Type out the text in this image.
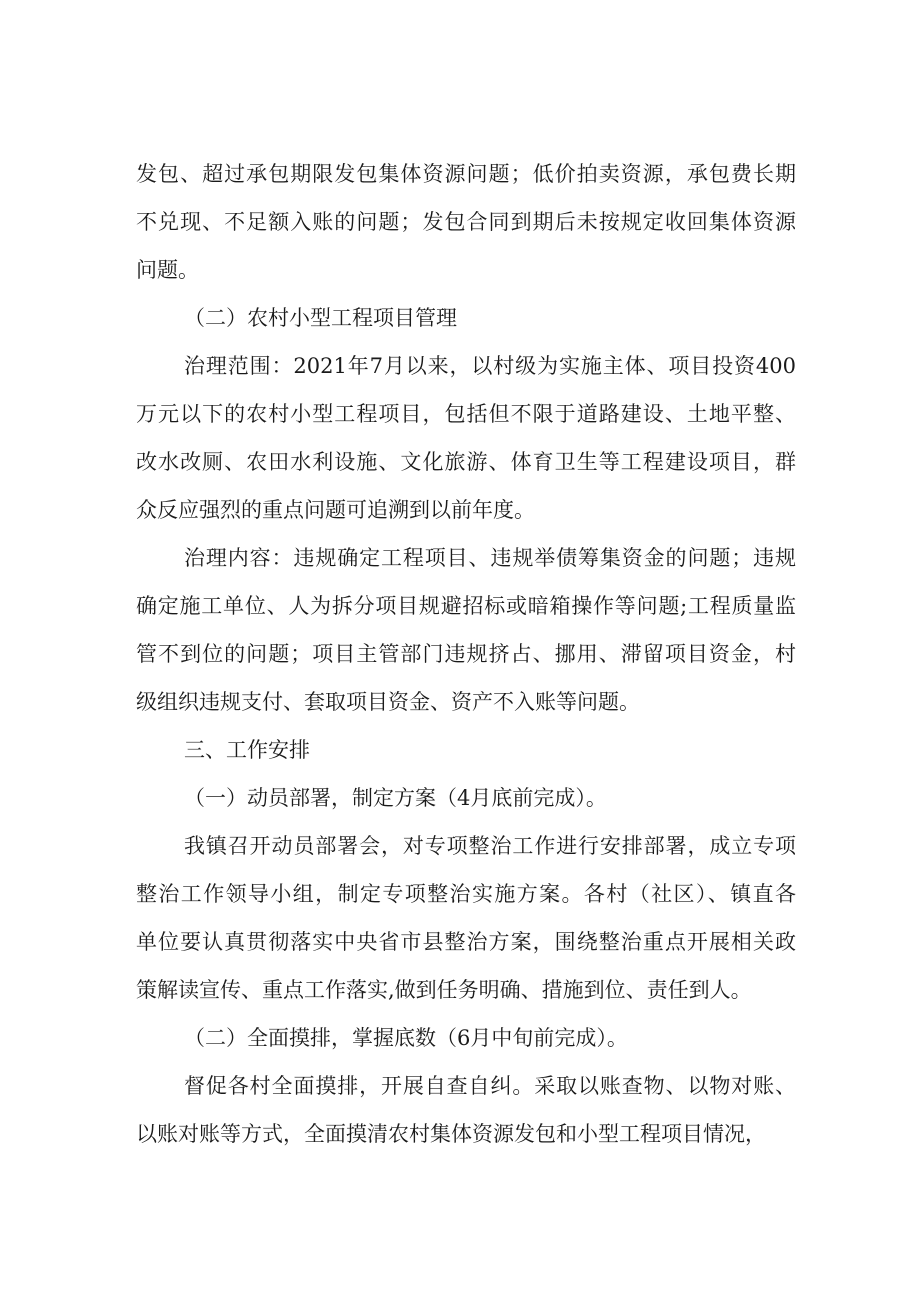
发包、超过承包期限发包集体资源问题；低价拍卖资源，承包费长期
不兑现、不足额入账的问题；发包合同到期后未按规定收回集体资源
问题。
（二）农村小型工程项目管理
治理范围：2021年7月以来，以村级为实施主体、项目投资400
万元以下的农村小型工程项目，包括但不限于道路建设、土地平整、
改水改厕、农田水利设施、文化旅游、体育卫生等工程建设项目，群
众反应强烈的重点问题可追溯到以前年度。
治理内容：违规确定工程项目、违规举债筹集资金的问题；违规
确定施工单位、人为拆分项目规避招标或暗箱操作等问题;工程质量监
管不到位的问题；项目主管部门违规挤占、挪用、滞留项目资金，村
级组织违规支付、套取项目资金、资产不入账等问题。
三、工作安排
（一）动员部署，制定方案（4月底前完成）。
我镇召开动员部署会，对专项整治工作进行安排部署，成立专项
整治工作领导小组，制定专项整治实施方案。各村（社区）、镇直各
单位要认真贯彻落实中央省市县整治方案，围绕整治重点开展相关政
策解读宣传、重点工作落实,做到任务明确、措施到位、责任到人。
（二）全面摸排，掌握底数（6月中旬前完成）。
督促各村全面摸排，开展自查自纠。采取以账查物、以物对账、
以账对账等方式，全面摸清农村集体资源发包和小型工程项目情况，
